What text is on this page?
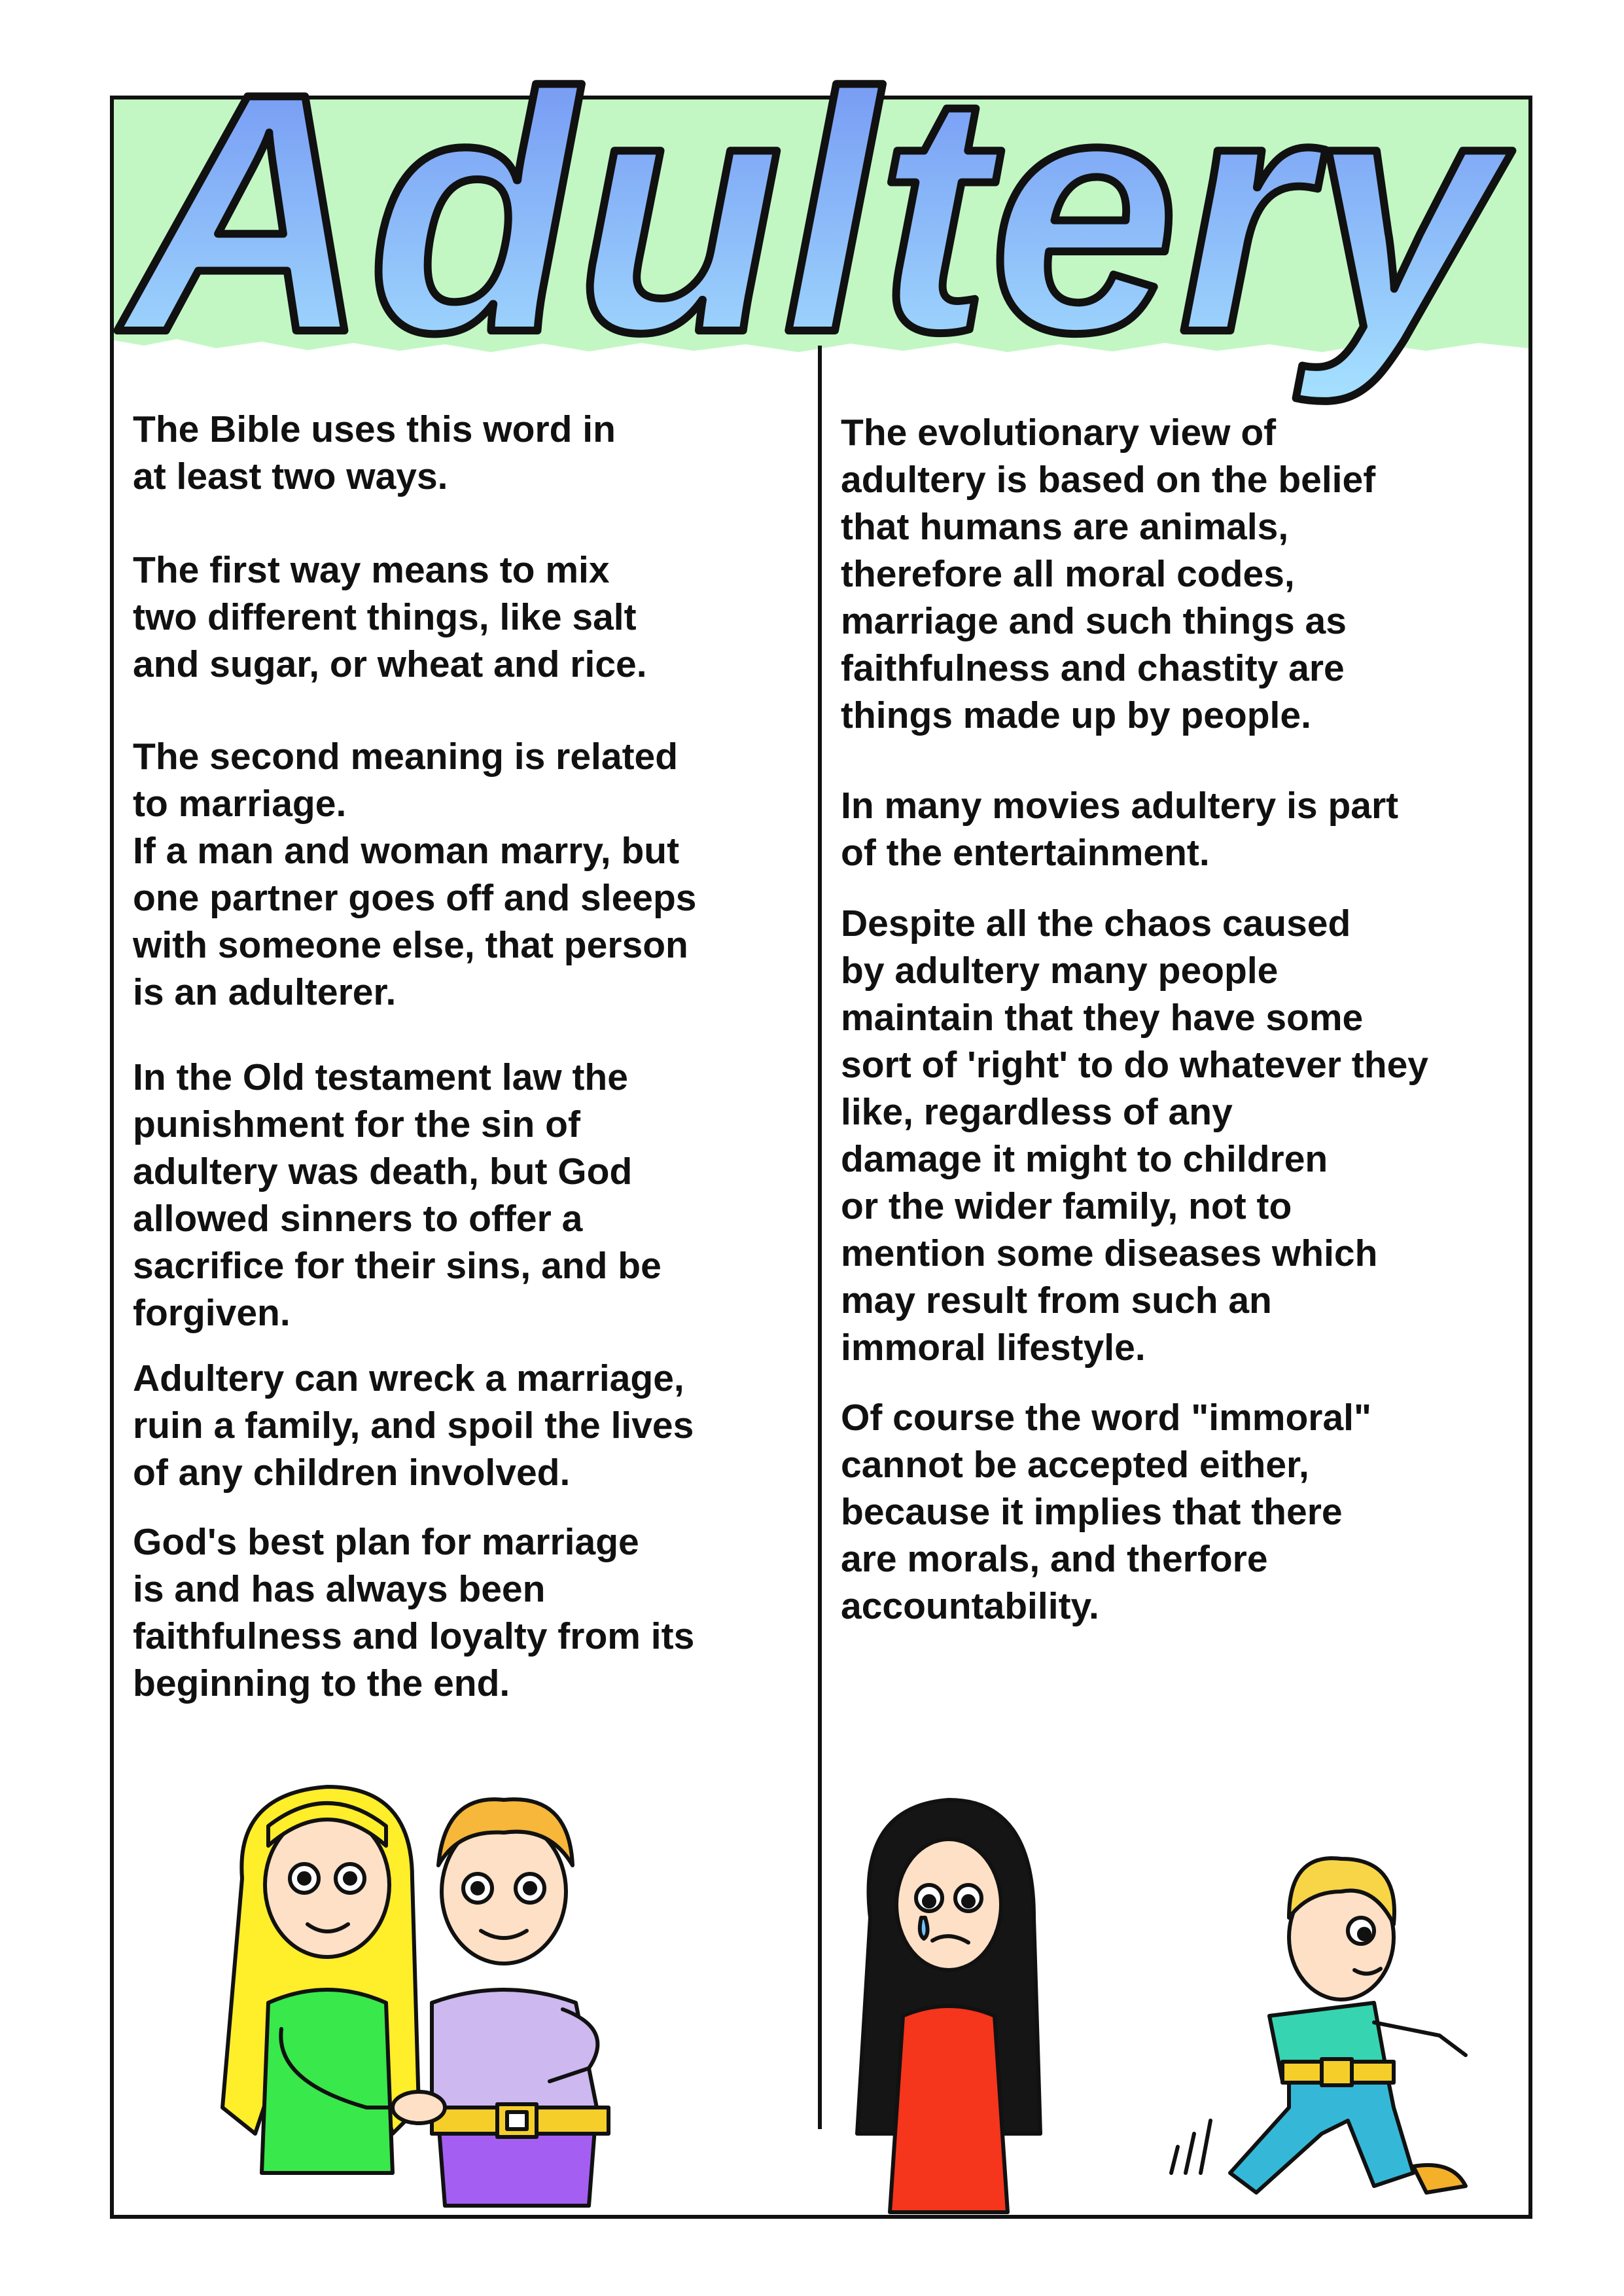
Adultery

The Bible uses this word in
at least two ways.

The first way means to mix
two different things, like salt
and sugar, or wheat and rice.

The second meaning is related
to marriage.
If a man and woman marry, but
one partner goes off and sleeps
with someone else, that person
is an adulterer.

In the Old testament law the
punishment for the sin of
adultery was death, but God
allowed sinners to offer a
sacrifice for their sins, and be
forgiven.

Adultery can wreck a marriage,
ruin a family, and spoil the lives
of any children involved.

God's best plan for marriage
is and has always been
faithfulness and loyalty from its
beginning to the end.

The evolutionary view of
adultery is based on the belief
that humans are animals,
therefore all moral codes,
marriage and such things as
faithfulness and chastity are
things made up by people.

In many movies adultery is part
of the entertainment.

Despite all the chaos caused
by adultery many people
maintain that they have some
sort of 'right' to do whatever they
like, regardless of any
damage it might to children
or the wider family, not to
mention some diseases which
may result from such an
immoral lifestyle.

Of course the word "immoral"
cannot be accepted either,
because it implies that there
are morals, and therfore
accountability.
